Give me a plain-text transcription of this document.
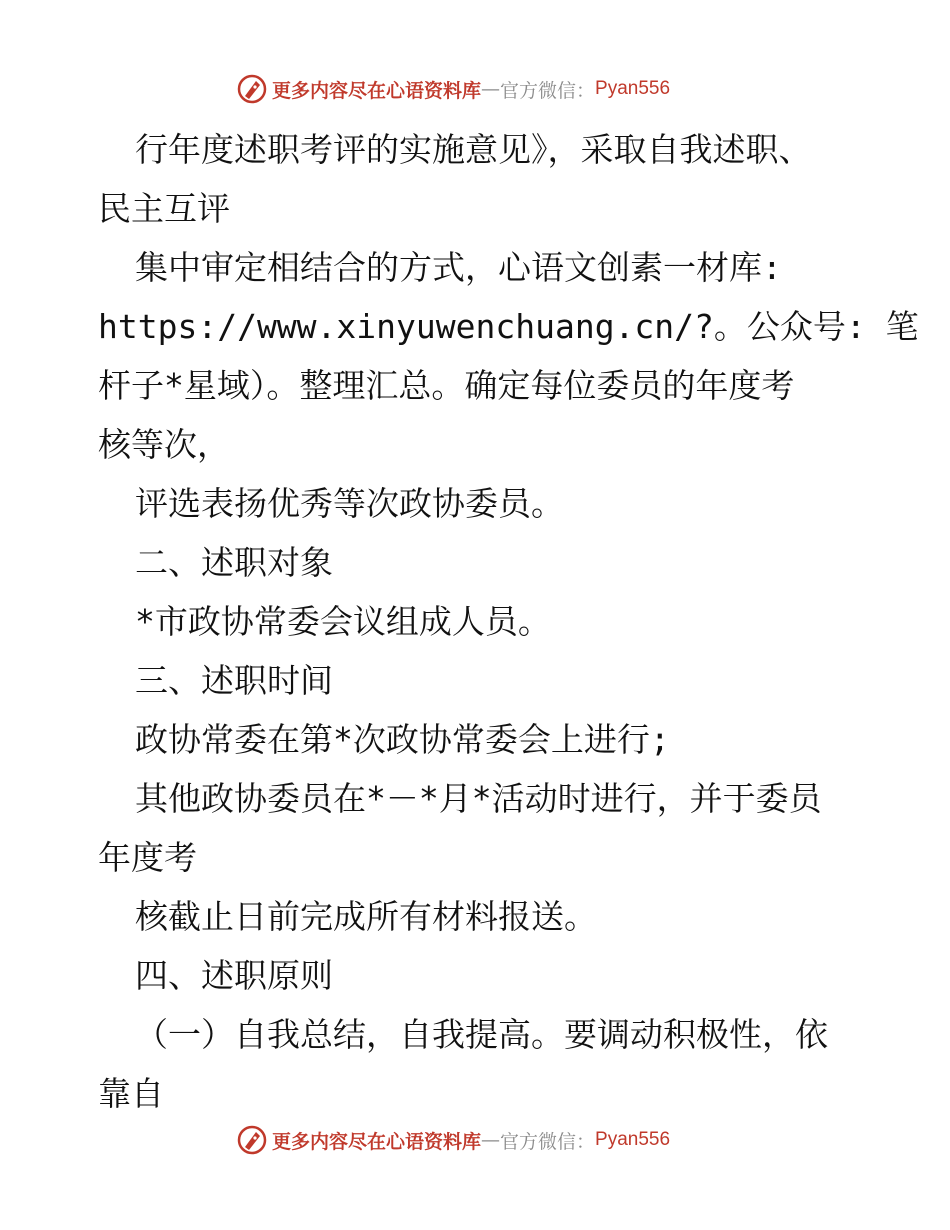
更多内容尽在心语资料库 — 官方微信： Pyan556
行年度述职考评的实施意见》，采取自我述职、
民主互评
集中审定相结合的方式，心语文创素一材库:
https://www.xinyuwenchuang.cn/?。公众号: 笔
杆子*星域）。整理汇总。确定每位委员的年度考
核等次，
评选表扬优秀等次政协委员。
二、述职对象
*市政协常委会议组成人员。
三、述职时间
政协常委在第*次政协常委会上进行;
其他政协委员在*－*月*活动时进行，并于委员
年度考
核截止日前完成所有材料报送。
四、述职原则
（一）自我总结，自我提高。要调动积极性，依
靠自
更多内容尽在心语资料库 — 官方微信： Pyan556
